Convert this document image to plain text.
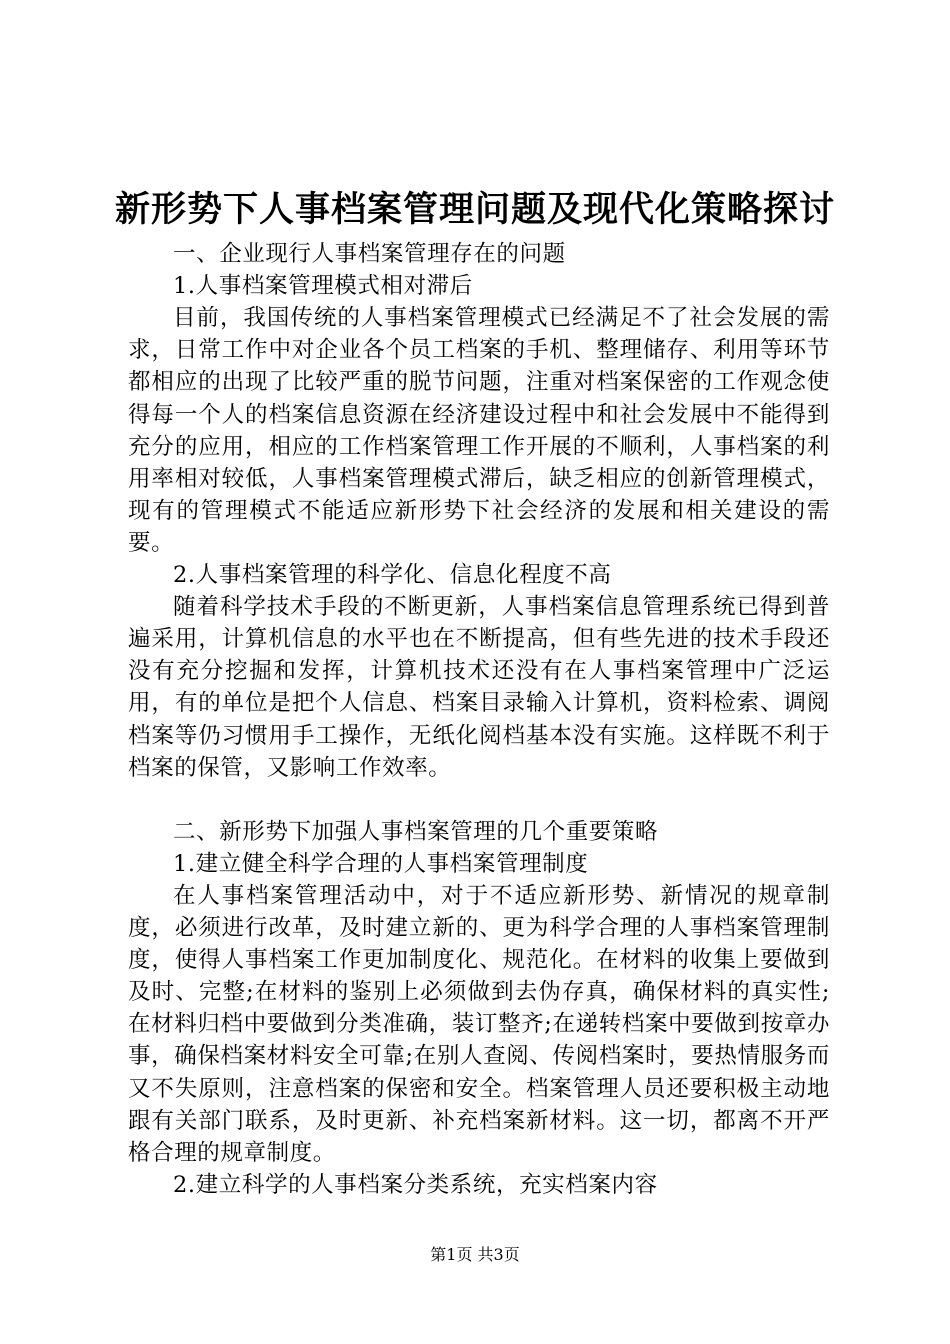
新形势下人事档案管理问题及现代化策略探讨

一、企业现行人事档案管理存在的问题

1.人事档案管理模式相对滞后

目前，我国传统的人事档案管理模式已经满足不了社会发展的需求，日常工作中对企业各个员工档案的手机、整理储存、利用等环节都相应的出现了比较严重的脱节问题，注重对档案保密的工作观念使得每一个人的档案信息资源在经济建设过程中和社会发展中不能得到充分的应用，相应的工作档案管理工作开展的不顺利，人事档案的利用率相对较低，人事档案管理模式滞后，缺乏相应的创新管理模式，现有的管理模式不能适应新形势下社会经济的发展和相关建设的需要。

2.人事档案管理的科学化、信息化程度不高

随着科学技术手段的不断更新，人事档案信息管理系统已得到普遍采用，计算机信息的水平也在不断提高，但有些先进的技术手段还没有充分挖掘和发挥，计算机技术还没有在人事档案管理中广泛运用，有的单位是把个人信息、档案目录输入计算机，资料检索、调阅档案等仍习惯用手工操作，无纸化阅档基本没有实施。这样既不利于档案的保管，又影响工作效率。

二、新形势下加强人事档案管理的几个重要策略

1.建立健全科学合理的人事档案管理制度

在人事档案管理活动中，对于不适应新形势、新情况的规章制度，必须进行改革，及时建立新的、更为科学合理的人事档案管理制度，使得人事档案工作更加制度化、规范化。在材料的收集上要做到及时、完整;在材料的鉴别上必须做到去伪存真，确保材料的真实性;在材料归档中要做到分类准确，装订整齐;在递转档案中要做到按章办事，确保档案材料安全可靠;在别人查阅、传阅档案时，要热情服务而又不失原则，注意档案的保密和安全。档案管理人员还要积极主动地跟有关部门联系，及时更新、补充档案新材料。这一切，都离不开严格合理的规章制度。

2.建立科学的人事档案分类系统，充实档案内容

第1页 共3页
